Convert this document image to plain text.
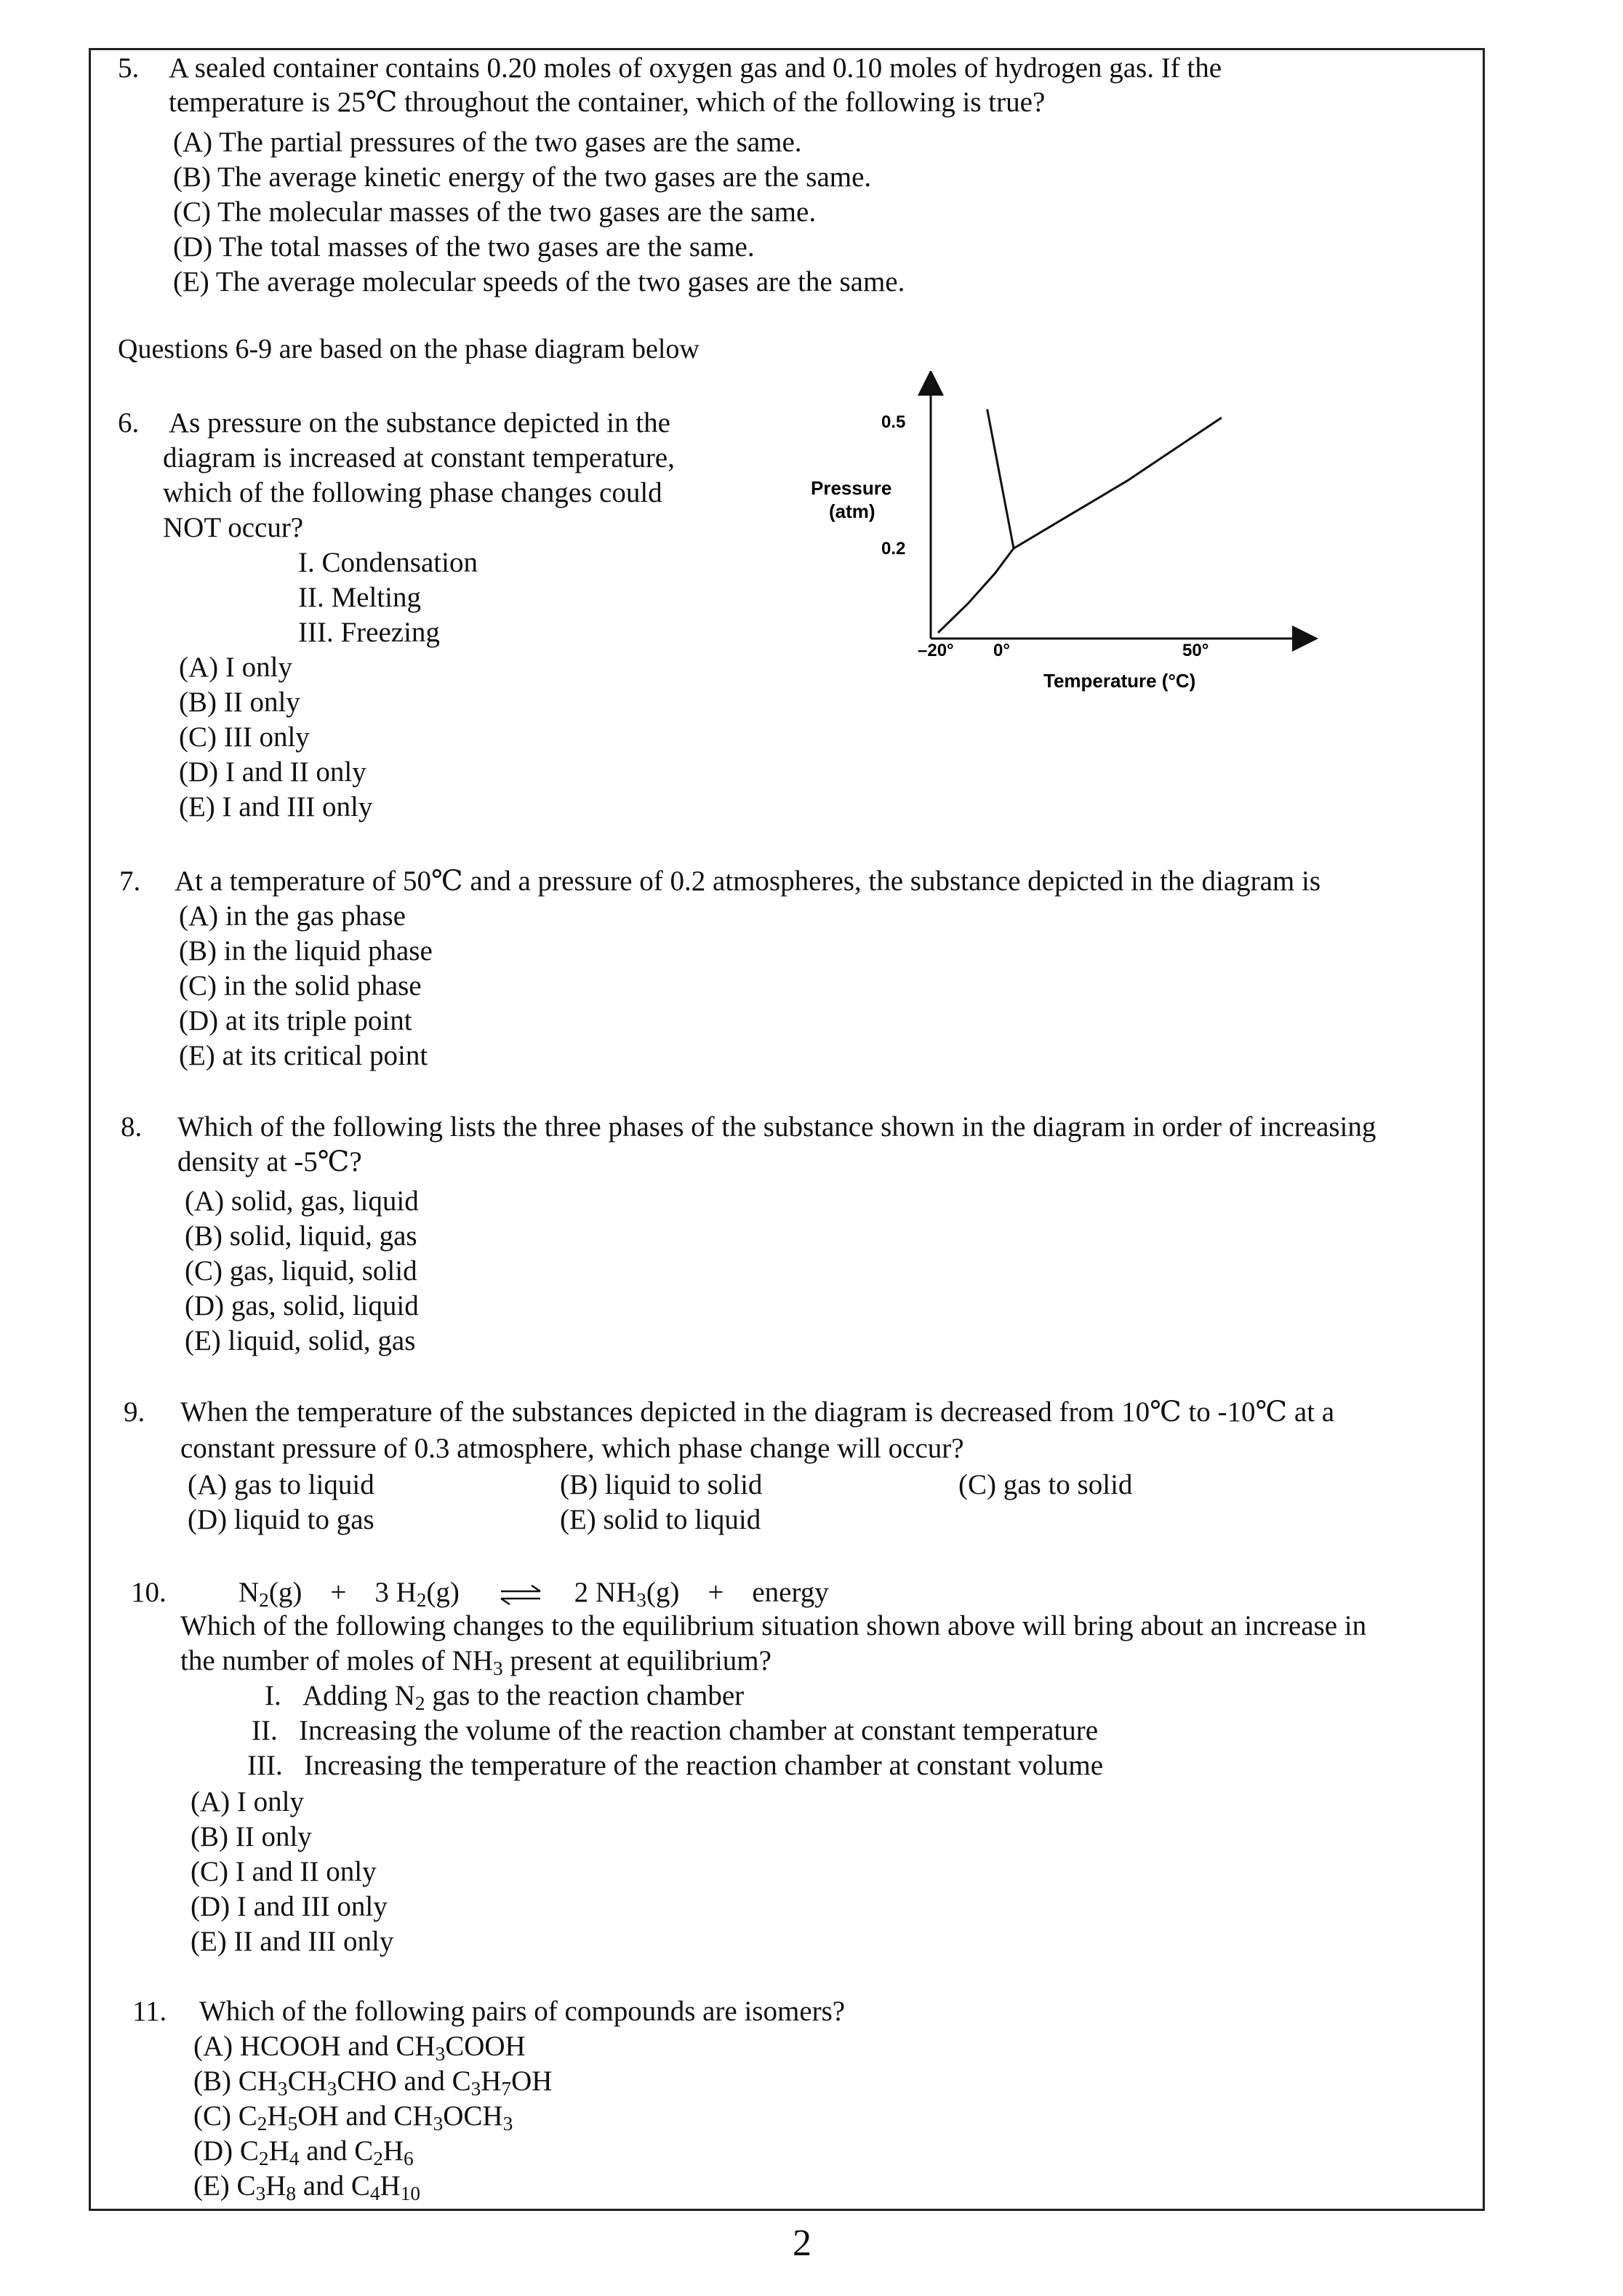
5. A sealed container contains 0.20 moles of oxygen gas and 0.10 moles of hydrogen gas. If the
temperature is 25℃ throughout the container, which of the following is true?
(A) The partial pressures of the two gases are the same.
(B) The average kinetic energy of the two gases are the same.
(C) The molecular masses of the two gases are the same.
(D) The total masses of the two gases are the same.
(E) The average molecular speeds of the two gases are the same.
Questions 6-9 are based on the phase diagram below
6. As pressure on the substance depicted in the
diagram is increased at constant temperature,
which of the following phase changes could
NOT occur?
I. Condensation
II. Melting
III. Freezing
(A) I only
(B) II only
(C) III only
(D) I and II only
(E) I and III only
Pressure
(atm)
Temperature (°C)
–20° 0°	50°
0.5
0.2
7. At a temperature of 50℃ and a pressure of 0.2 atmospheres, the substance depicted in the diagram is
(A) in the gas phase
(B) in the liquid phase
(C) in the solid phase
(D) at its triple point
(E) at its critical point
8. Which of the following lists the three phases of the substance shown in the diagram in order of increasing
density at -5℃?
(A) solid, gas, liquid
(B) solid, liquid, gas
(C) gas, liquid, solid
(D) gas, solid, liquid
(E) liquid, solid, gas
9. When the temperature of the substances depicted in the diagram is decreased from 10℃ to -10℃ at a
constant pressure of 0.3 atmosphere, which phase change will occur?
(A) gas to liquid	(B) liquid to solid	(C) gas to solid
(D) liquid to gas	(E) solid to liquid
10.	$N_2(g) + 3$ $H_2(g)$ ⇌ 2 $NH_3(g)$ + energy
Which of the following changes to the equilibrium situation shown above will bring about an increase in
the number of moles of $NH_3$ present at equilibrium?
I. Adding $N_2$ gas to the reaction chamber
II. Increasing the volume of the reaction chamber at constant temperature
III. Increasing the temperature of the reaction chamber at constant volume
(A) I only
(B) II only
(C) I and II only
(D) I and III only
(E) II and III only
11. Which of the following pairs of compounds are isomers?
(A) HCOOH and $CH_3COOH$
(B) $CH_3CH_3CHO$ and $C_3H_7OH$
(C) $C_2H_5OH$ and $CH_3OCH_3$
(D) $C_2H_4$ and $C_2H_6$
(E) $C_3H_8$ and $C_4H_{10}$
2
